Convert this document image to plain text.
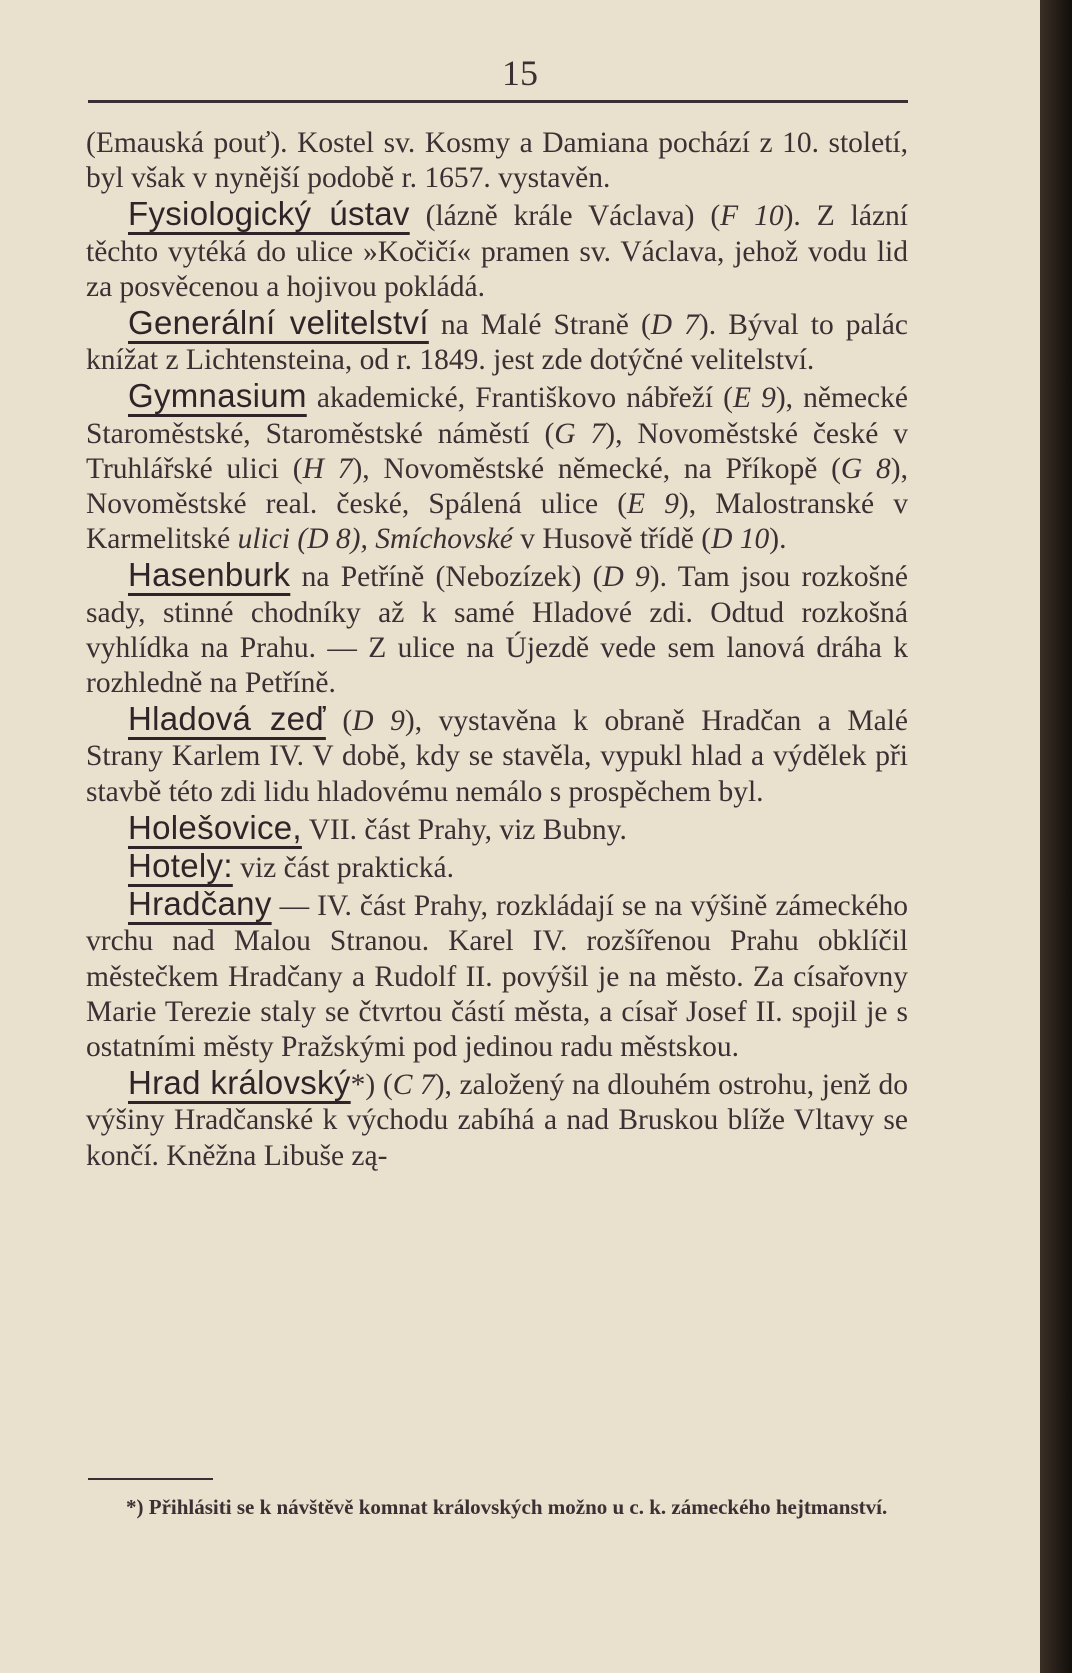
15

(Emauská pouť). Kostel sv. Kosmy a Damiana pochází z 10. století, byl však v nynější podobě r. 1657. vystavěn.

Fysiologický ústav (lázně krále Václava) (F 10). Z lázní těchto vytéká do ulice »Kočičí« pramen sv. Václava, jehož vodu lid za posvěcenou a hojivou pokládá.

Generální velitelství na Malé Straně (D 7). Býval to palác knížat z Lichtensteina, od r. 1849. jest zde dotýčné velitelství.

Gymnasium akademické, Františkovo nábřeží (E 9), německé Staroměstské, Staroměstské náměstí (G 7), Novoměstské české v Truhlářské ulici (H 7), Novoměstské německé, na Příkopě (G 8), Novoměstské real. české, Spálená ulice (E 9), Malostranské v Karmelitské ulici (D 8), Smíchovské v Husově třídě (D 10).

Hasenburk na Petříně (Nebozízek) (D 9). Tam jsou rozkošné sady, stinné chodníky až k samé Hladové zdi. Odtud rozkošná vyhlídka na Prahu. — Z ulice na Újezdě vede sem lanová dráha k rozhledně na Petříně.

Hladová zeď (D 9), vystavěna k obraně Hradčan a Malé Strany Karlem IV. V době, kdy se stavěla, vypukl hlad a výdělek při stavbě této zdi lidu hladovému nemálo s prospěchem byl.

Holešovice, VII. část Prahy, viz Bubny.

Hotely: viz část praktická.

Hradčany — IV. část Prahy, rozkládají se na výšině zámeckého vrchu nad Malou Stranou. Karel IV. rozšířenou Prahu obklíčil městečkem Hradčany a Rudolf II. povýšil je na město. Za císařovny Marie Terezie staly se čtvrtou částí města, a císař Josef II. spojil je s ostatními městy Pražskými pod jedinou radu městskou.

Hrad královský*) (C 7), založený na dlouhém ostrohu, jenž do výšiny Hradčanské k východu zabíhá a nad Bruskou blíže Vltavy se končí. Kněžna Libuše zą-

*) Přihlásiti se k návštěvě komnat královských možno u c. k. zámeckého hejtmanství.
